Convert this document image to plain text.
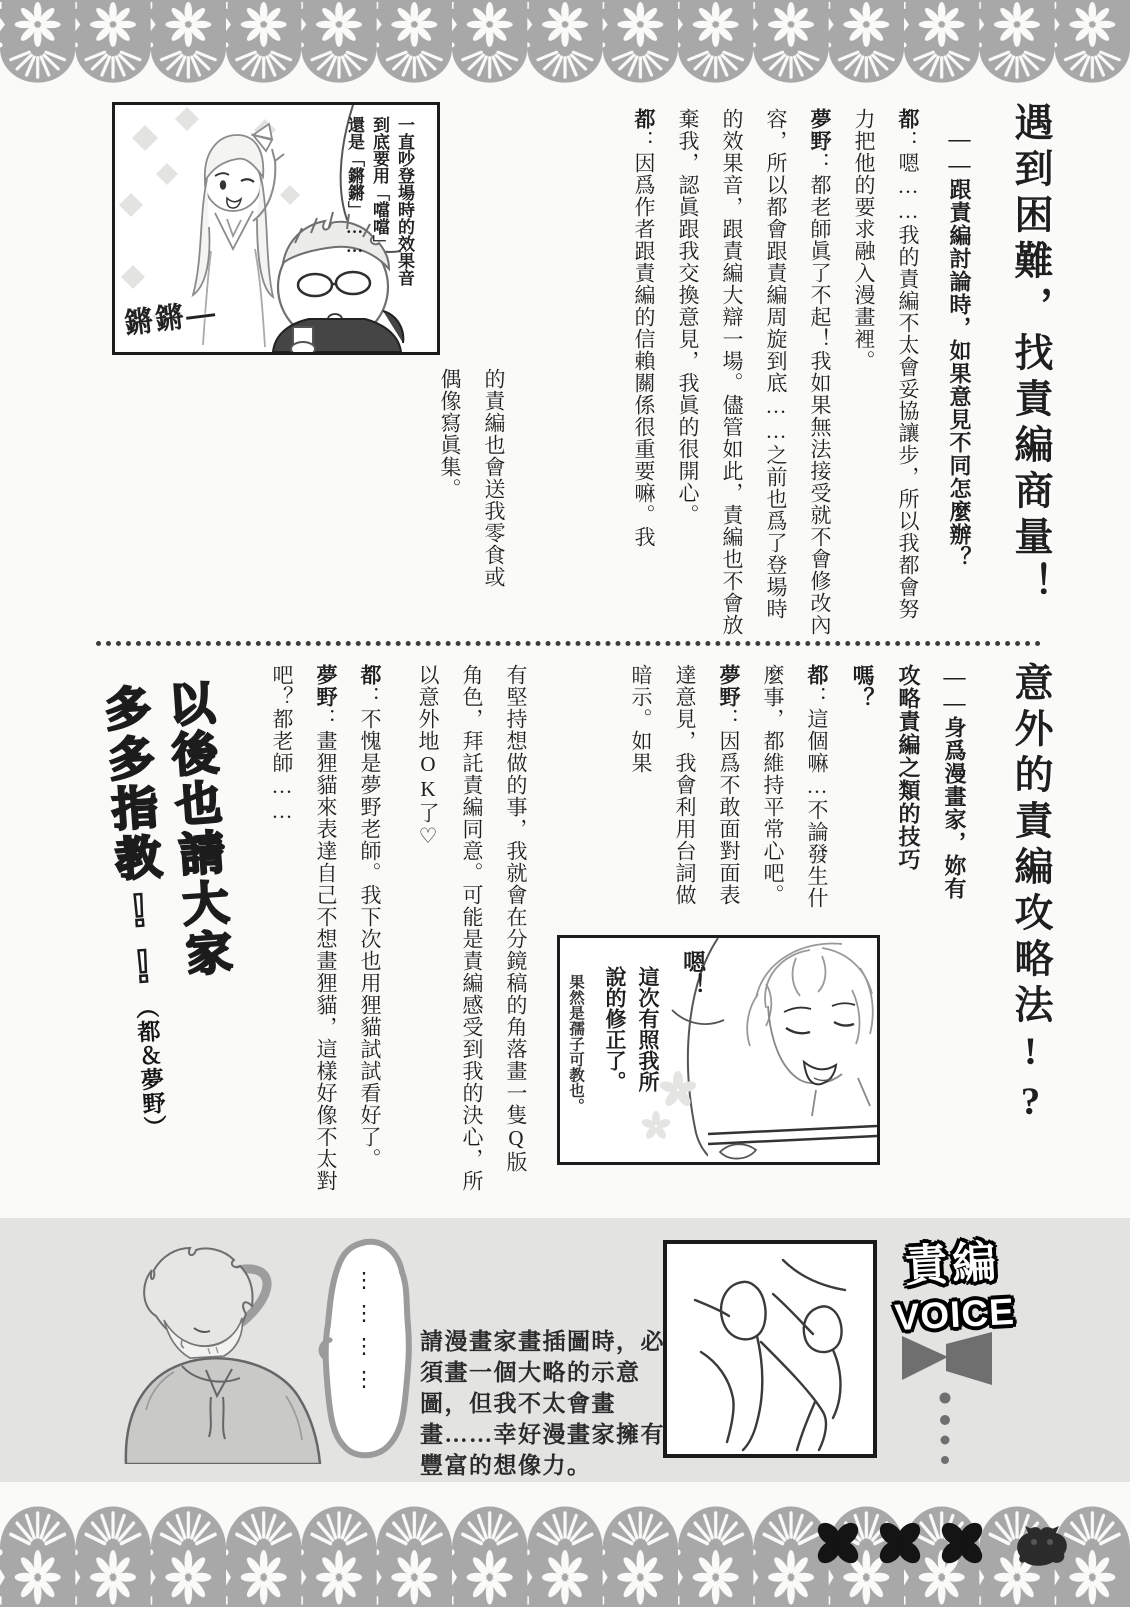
遇到困難，找責編商量！
——跟責編討論時，如果意見不同怎麼辦？

都：嗯……我的責編不太會妥協讓步，所以我都會努力把他的要求融入漫畫裡。

夢野：都老師眞了不起！我如果無法接受就不會修改內容，所以都會跟責編周旋到底……之前也爲了登場時的效果音，跟責編大辯一場。儘管如此，責編也不會放棄我，認眞跟我交換意見，我眞的很開心。

都：因爲作者跟責編的信賴關係很重要嘛。我

的責編也會送我零食或偶像寫眞集。

一直吵登場時的效果音

到底要用「噹噹」

還是「鏘鏘」……

鏘鏘—
意外的責編攻略法!?

——身爲漫畫家，妳有攻略責編之類的技巧嗎？

都：這個嘛…不論發生什麼事，都維持平常心吧。

夢野：因爲不敢面對面表達意見，我會利用台詞做暗示。如果

有堅持想做的事，我就會在分鏡稿的角落畫一隻Q版角色，拜託責編同意。可能是責編感受到我的決心，所以意外地OK了♡

都：不愧是夢野老師。我下次也用狸貓試試看好了。

夢野：畫狸貓來表達自己不想畫狸貓，這樣好像不太對吧？都老師……

嗯！
這次有照我所說的修正了。
果然是孺子可教也。

以後也請大家

多多指教!!（都＆夢野）

責編
VOICE
請漫畫家畫插圖時，必須畫一個大略的示意圖，但我不太會畫畫……幸好漫畫家擁有豐富的想像力。
⋮⋮⋮⋮
